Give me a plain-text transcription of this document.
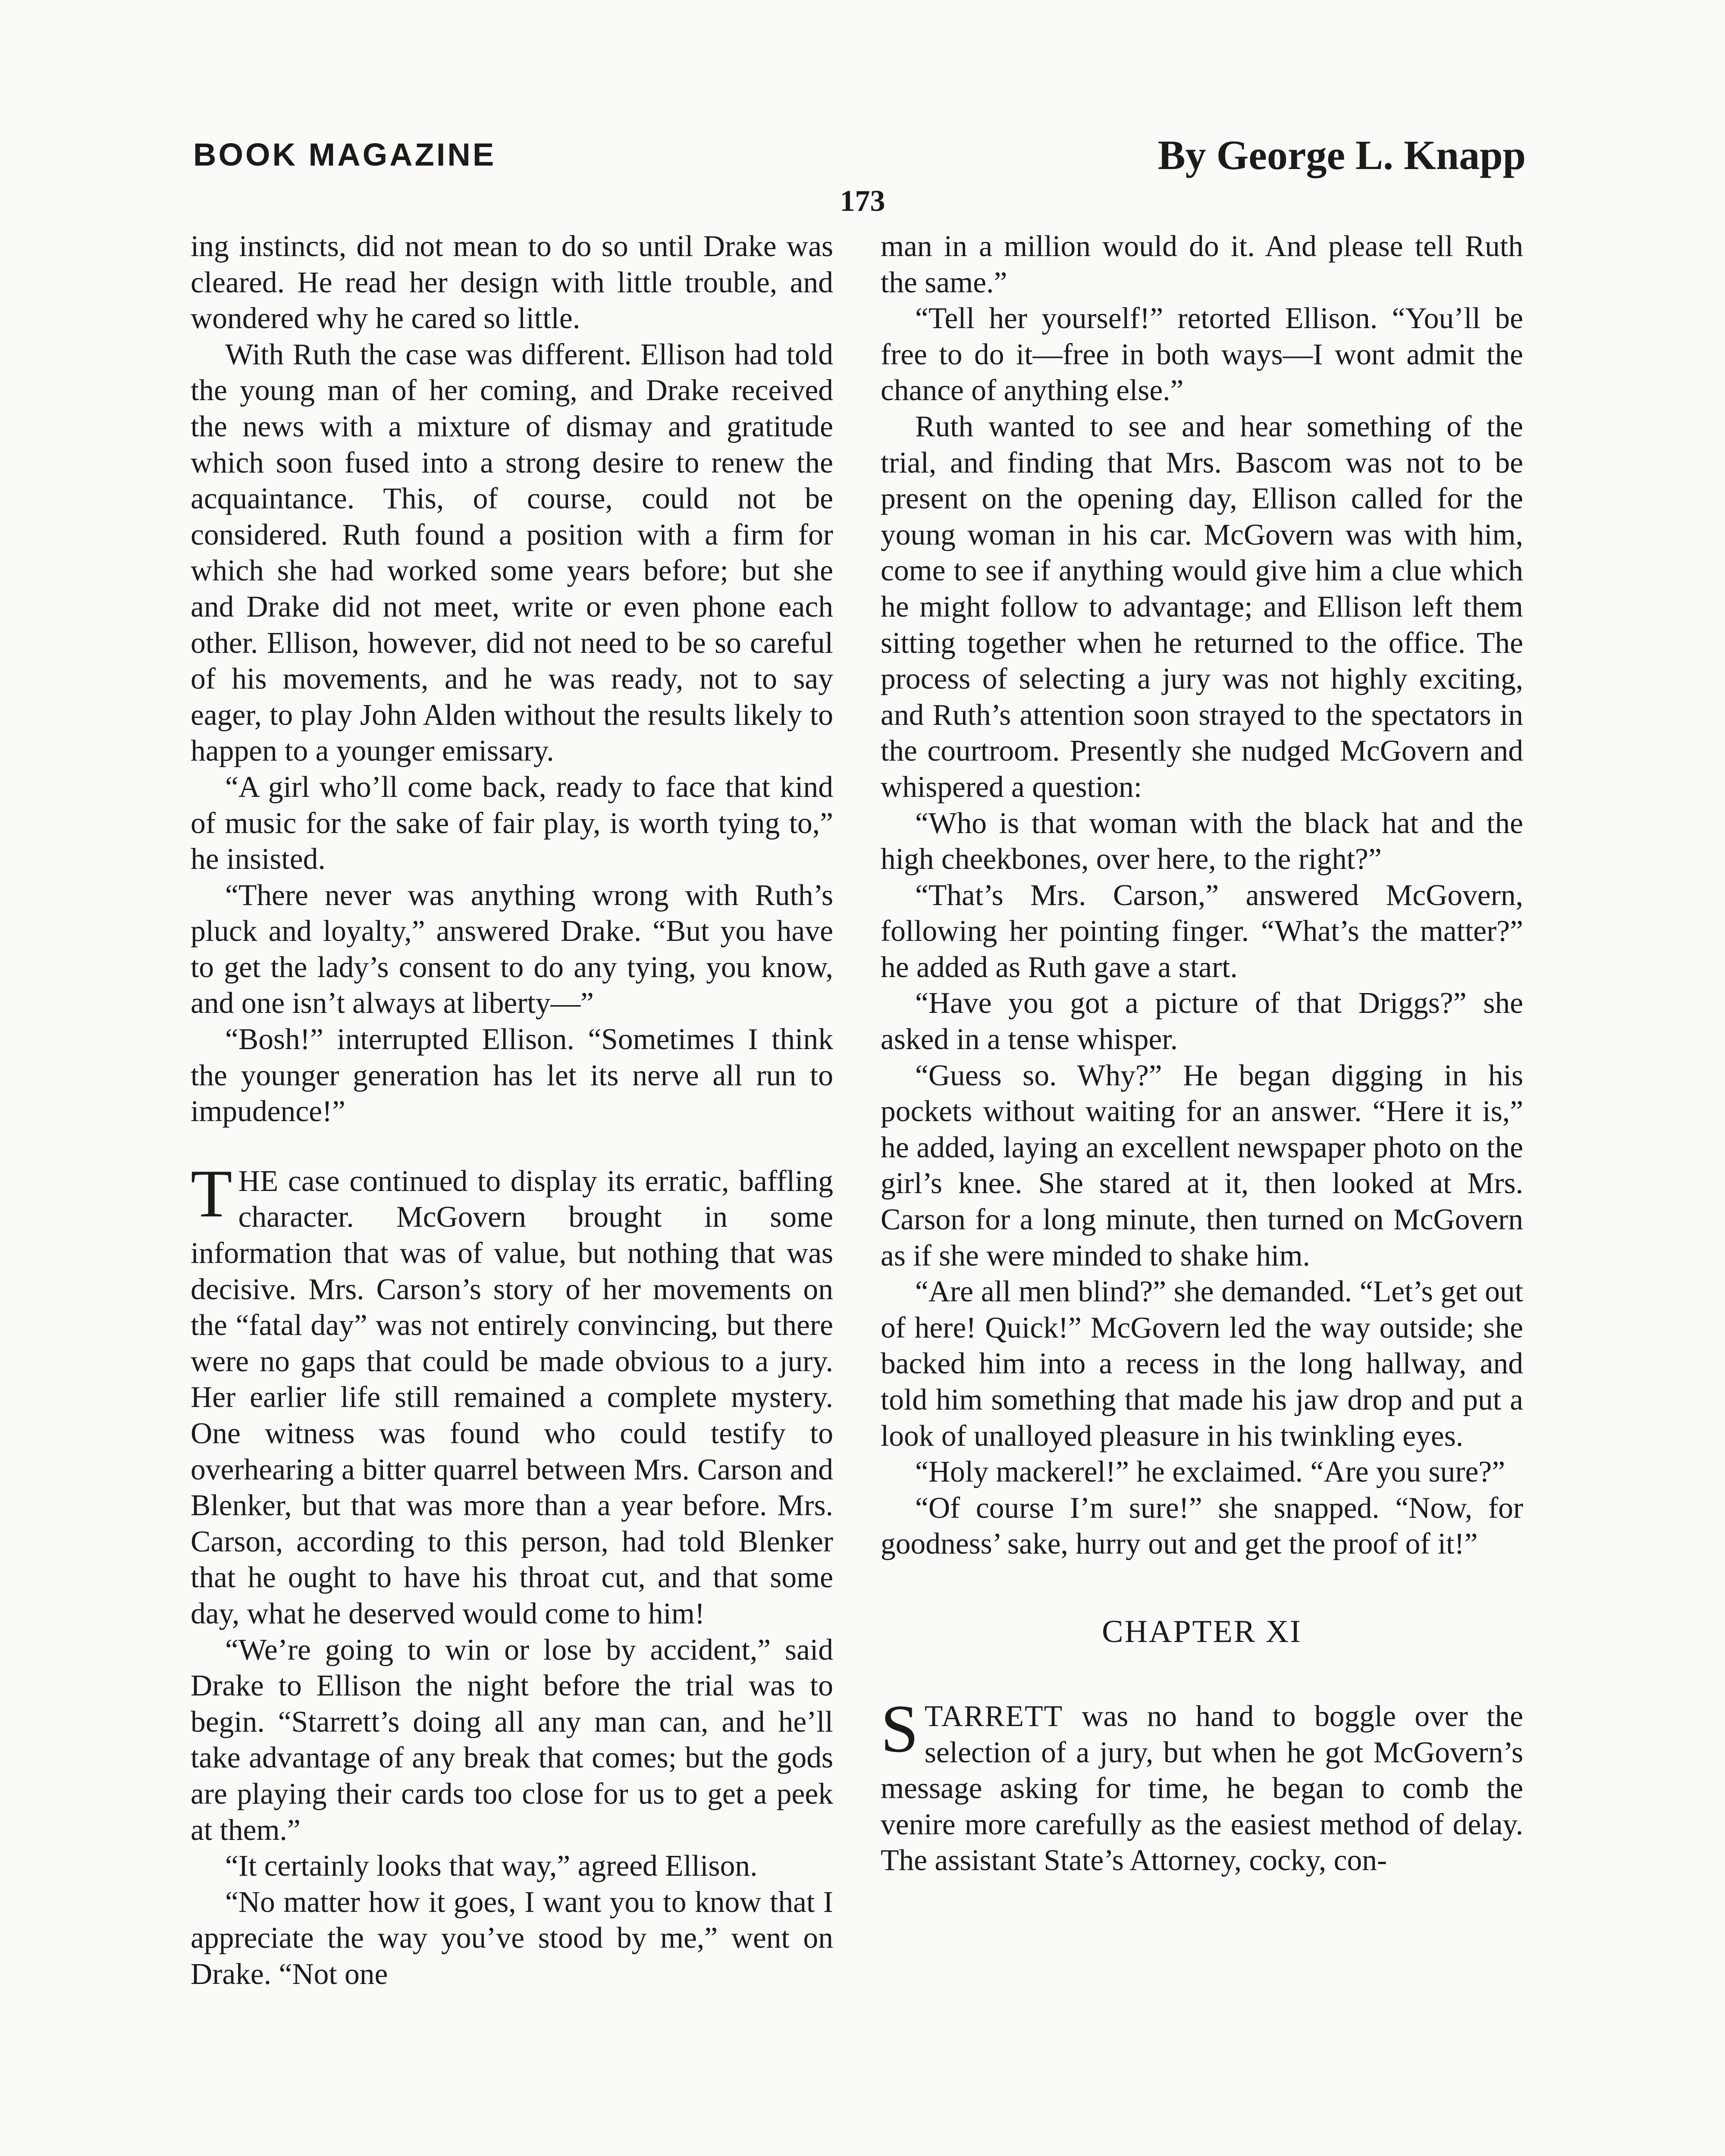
BOOK MAGAZINE	By George L. Knapp
173

ing instincts, did not mean to do so until Drake was cleared. He read her design with little trouble, and wondered why he cared so little.

With Ruth the case was different. Ellison had told the young man of her coming, and Drake received the news with a mixture of dismay and gratitude which soon fused into a strong desire to renew the acquaintance. This, of course, could not be considered. Ruth found a position with a firm for which she had worked some years before; but she and Drake did not meet, write or even phone each other. Ellison, however, did not need to be so careful of his movements, and he was ready, not to say eager, to play John Alden without the results likely to happen to a younger emissary.

“A girl who’ll come back, ready to face that kind of music for the sake of fair play, is worth tying to,” he insisted.

“There never was anything wrong with Ruth’s pluck and loyalty,” answered Drake. “But you have to get the lady’s consent to do any tying, you know, and one isn’t always at liberty—”

“Bosh!” interrupted Ellison. “Sometimes I think the younger generation has let its nerve all run to impudence!”

THE case continued to display its erratic, baffling character. McGovern brought in some information that was of value, but nothing that was decisive. Mrs. Carson’s story of her movements on the “fatal day” was not entirely convincing, but there were no gaps that could be made obvious to a jury. Her earlier life still remained a complete mystery. One witness was found who could testify to overhearing a bitter quarrel between Mrs. Carson and Blenker, but that was more than a year before. Mrs. Carson, according to this person, had told Blenker that he ought to have his throat cut, and that some day, what he deserved would come to him!

“We’re going to win or lose by accident,” said Drake to Ellison the night before the trial was to begin. “Starrett’s doing all any man can, and he’ll take advantage of any break that comes; but the gods are playing their cards too close for us to get a peek at them.”

“It certainly looks that way,” agreed Ellison.

“No matter how it goes, I want you to know that I appreciate the way you’ve stood by me,” went on Drake. “Not one

man in a million would do it. And please tell Ruth the same.”

“Tell her yourself!” retorted Ellison. “You’ll be free to do it—free in both ways—I wont admit the chance of anything else.”

Ruth wanted to see and hear something of the trial, and finding that Mrs. Bascom was not to be present on the opening day, Ellison called for the young woman in his car. McGovern was with him, come to see if anything would give him a clue which he might follow to advantage; and Ellison left them sitting together when he returned to the office. The process of selecting a jury was not highly exciting, and Ruth’s attention soon strayed to the spectators in the courtroom. Presently she nudged McGovern and whispered a question:

“Who is that woman with the black hat and the high cheekbones, over here, to the right?”

“That’s Mrs. Carson,” answered McGovern, following her pointing finger. “What’s the matter?” he added as Ruth gave a start.

“Have you got a picture of that Driggs?” she asked in a tense whisper.

“Guess so. Why?” He began digging in his pockets without waiting for an answer. “Here it is,” he added, laying an excellent newspaper photo on the girl’s knee. She stared at it, then looked at Mrs. Carson for a long minute, then turned on McGovern as if she were minded to shake him.

“Are all men blind?” she demanded. “Let’s get out of here! Quick!” McGovern led the way outside; she backed him into a recess in the long hallway, and told him something that made his jaw drop and put a look of unalloyed pleasure in his twinkling eyes.

“Holy mackerel!” he exclaimed. “Are you sure?”

“Of course I’m sure!” she snapped. “Now, for goodness’ sake, hurry out and get the proof of it!”

CHAPTER XI

STARRETT was no hand to boggle over the selection of a jury, but when he got McGovern’s message asking for time, he began to comb the venire more carefully as the easiest method of delay. The assistant State’s Attorney, cocky, con-
